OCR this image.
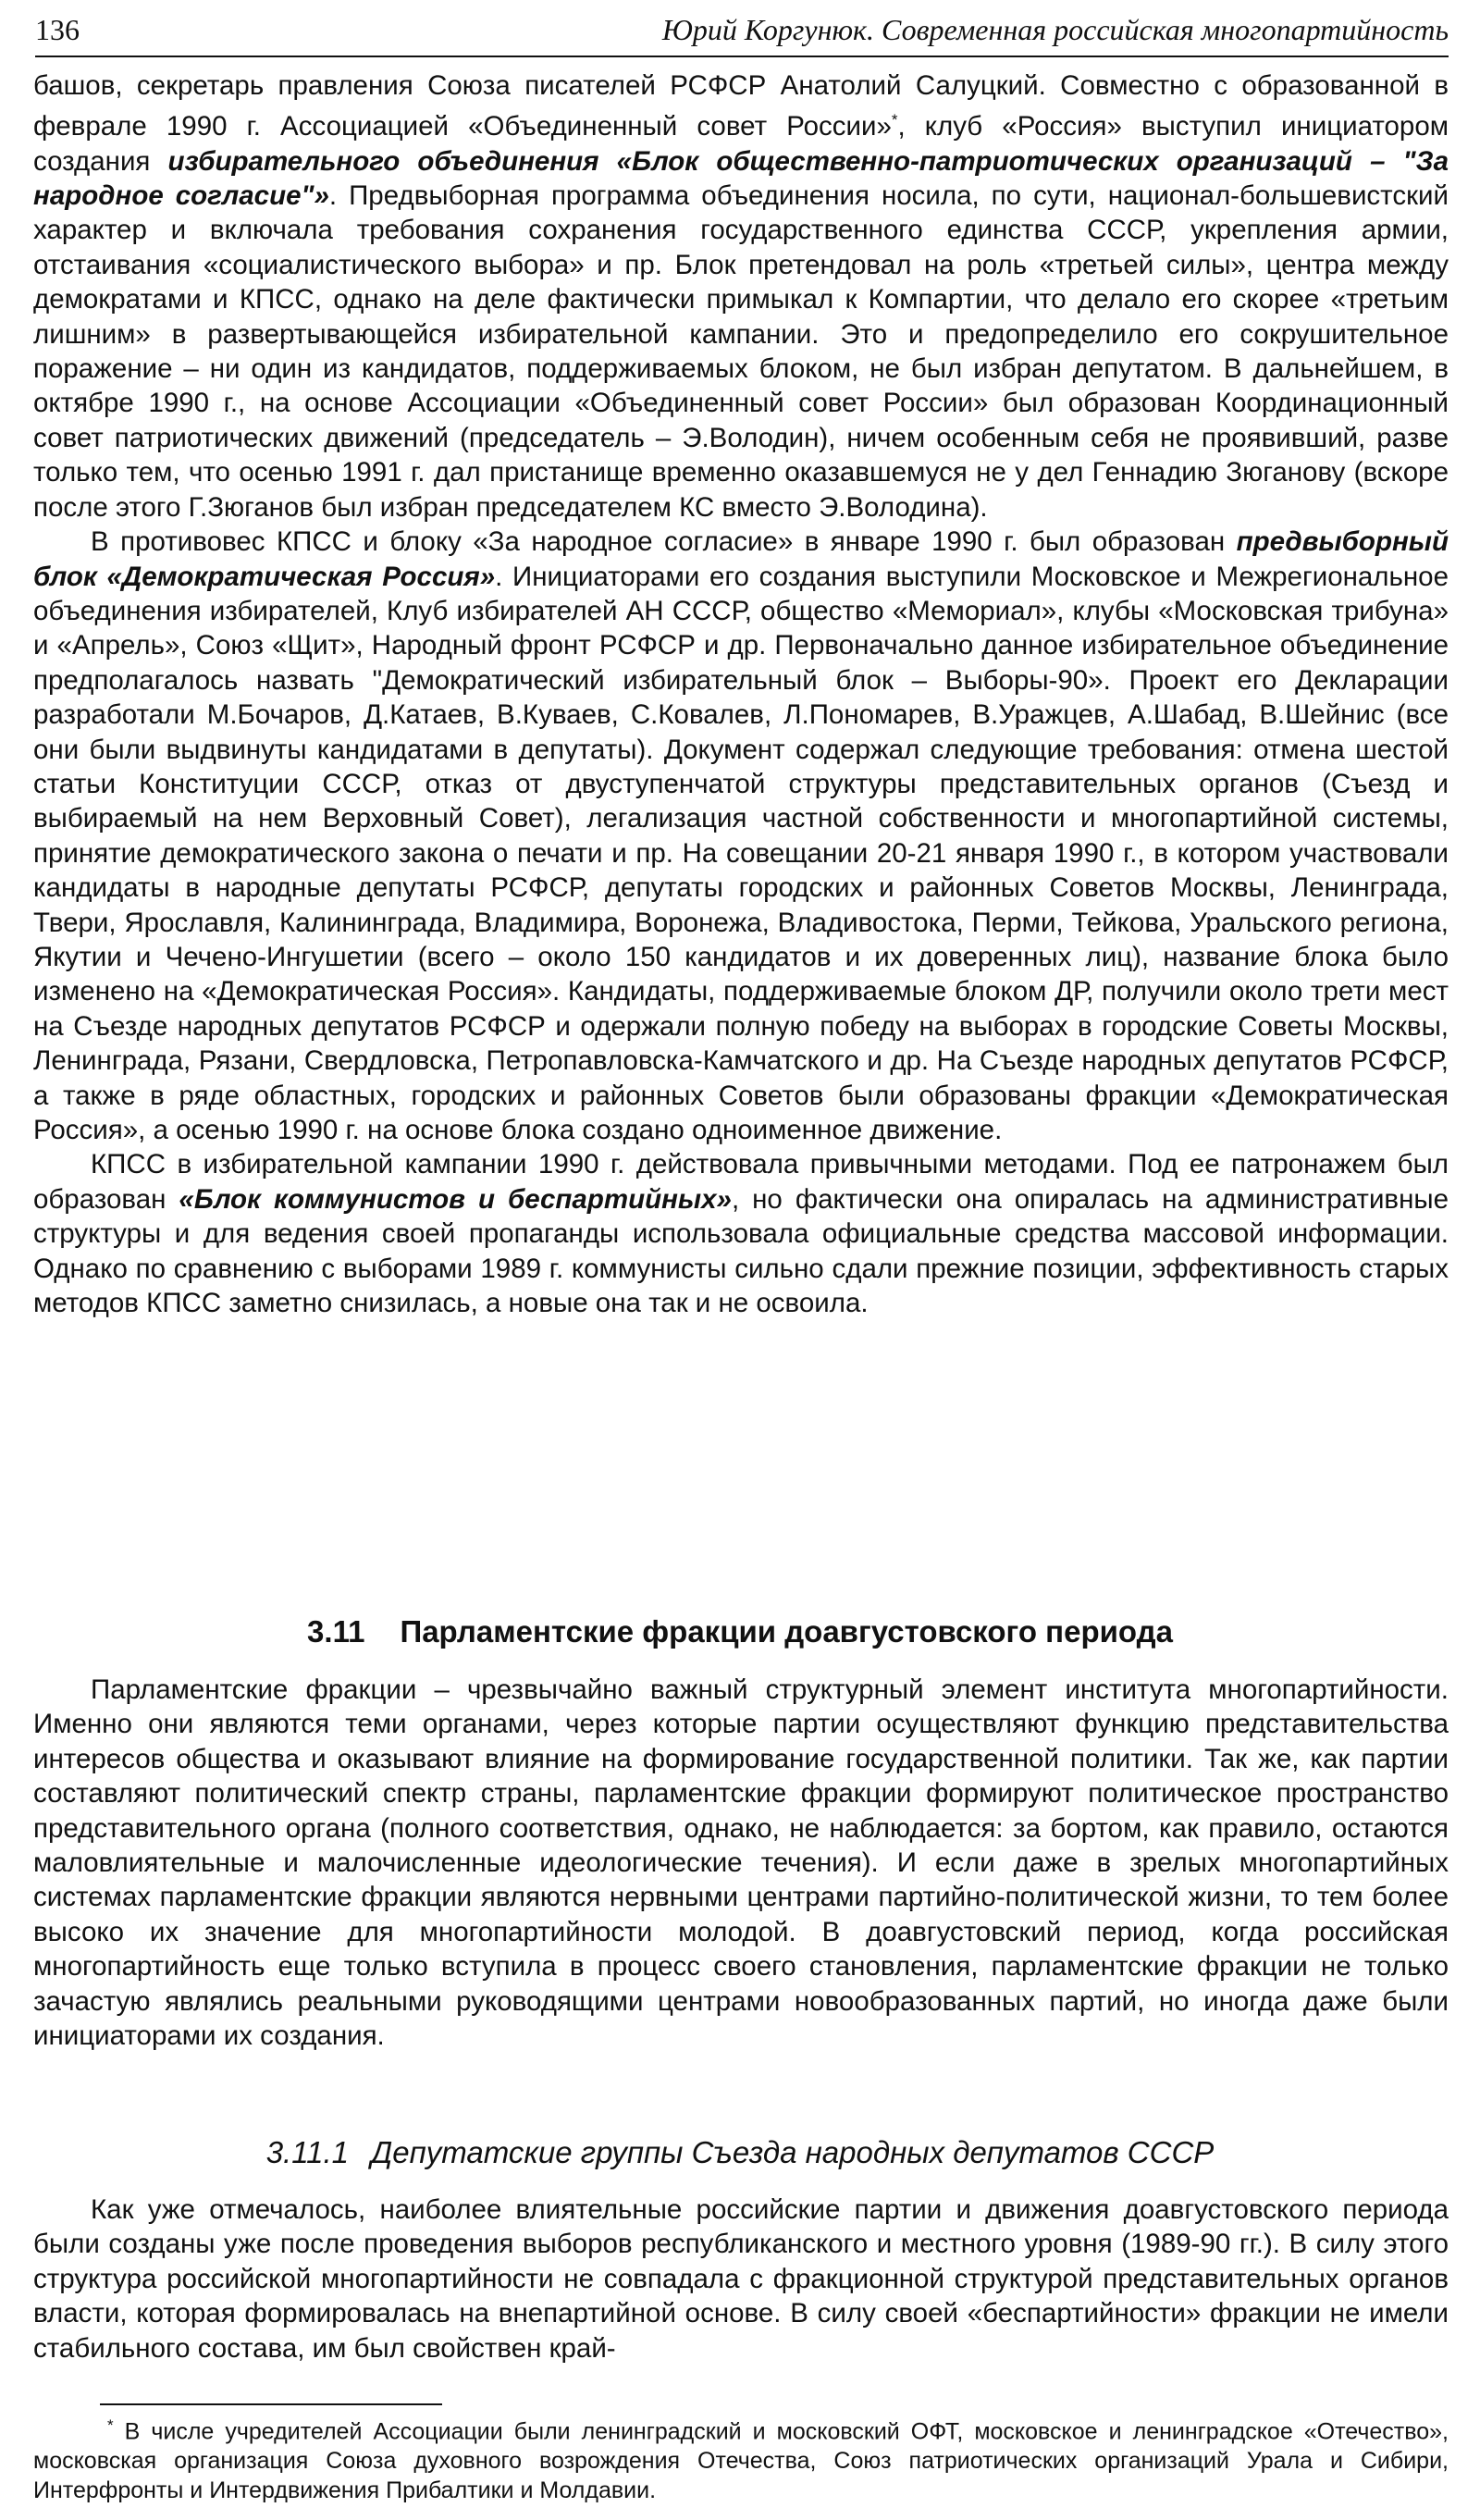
136	Юрий Коргунюк. Современная российская многопартийность

башов, секретарь правления Союза писателей РСФСР Анатолий Салуцкий. Совместно с образованной в феврале 1990 г. Ассоциацией «Объединенный совет России»*, клуб «Россия» выступил инициатором создания избирательного объединения «Блок общественно-патриотических организаций – "За народное согласие"». Предвыборная программа объединения носила, по сути, национал-большевистский характер и включала требования сохранения государственного единства СССР, укрепления армии, отстаивания «социалистического выбора» и пр. Блок претендовал на роль «третьей силы», центра между демократами и КПСС, однако на деле фактически примыкал к Компартии, что делало его скорее «третьим лишним» в развертывающейся избирательной кампании. Это и предопределило его сокрушительное поражение – ни один из кандидатов, поддерживаемых блоком, не был избран депутатом. В дальнейшем, в октябре 1990 г., на основе Ассоциации «Объединенный совет России» был образован Координационный совет патриотических движений (председатель – Э.Володин), ничем особенным себя не проявивший, разве только тем, что осенью 1991 г. дал пристанище временно оказавшемуся не у дел Геннадию Зюганову (вскоре после этого Г.Зюганов был избран председателем КС вместо Э.Володина).

В противовес КПСС и блоку «За народное согласие» в январе 1990 г. был образован предвыборный блок «Демократическая Россия». Инициаторами его создания выступили Московское и Межрегиональное объединения избирателей, Клуб избирателей АН СССР, общество «Мемориал», клубы «Московская трибуна» и «Апрель», Союз «Щит», Народный фронт РСФСР и др. Первоначально данное избирательное объединение предполагалось назвать "Демократический избирательный блок – Выборы-90». Проект его Декларации разработали М.Бочаров, Д.Катаев, В.Куваев, С.Ковалев, Л.Пономарев, В.Уражцев, А.Шабад, В.Шейнис (все они были выдвинуты кандидатами в депутаты). Документ содержал следующие требования: отмена шестой статьи Конституции СССР, отказ от двуступенчатой структуры представительных органов (Съезд и выбираемый на нем Верховный Совет), легализация частной собственности и многопартийной системы, принятие демократического закона о печати и пр. На совещании 20-21 января 1990 г., в котором участвовали кандидаты в народные депутаты РСФСР, депутаты городских и районных Советов Москвы, Ленинграда, Твери, Ярославля, Калининграда, Владимира, Воронежа, Владивостока, Перми, Тейкова, Уральского региона, Якутии и Чечено-Ингушетии (всего – около 150 кандидатов и их доверенных лиц), название блока было изменено на «Демократическая Россия». Кандидаты, поддерживаемые блоком ДР, получили около трети мест на Съезде народных депутатов РСФСР и одержали полную победу на выборах в городские Советы Москвы, Ленинграда, Рязани, Свердловска, Петропавловска-Камчатского и др. На Съезде народных депутатов РСФСР, а также в ряде областных, городских и районных Советов были образованы фракции «Демократическая Россия», а осенью 1990 г. на основе блока создано одноименное движение.

КПСС в избирательной кампании 1990 г. действовала привычными методами. Под ее патронажем был образован «Блок коммунистов и беспартийных», но фактически она опиралась на административные структуры и для ведения своей пропаганды использовала официальные средства массовой информации. Однако по сравнению с выборами 1989 г. коммунисты сильно сдали прежние позиции, эффективность старых методов КПСС заметно снизилась, а новые она так и не освоила.

3.11 Парламентские фракции доавгустовского периода

Парламентские фракции – чрезвычайно важный структурный элемент института многопартийности. Именно они являются теми органами, через которые партии осуществляют функцию представительства интересов общества и оказывают влияние на формирование государственной политики. Так же, как партии составляют политический спектр страны, парламентские фракции формируют политическое пространство представительного органа (полного соответствия, однако, не наблюдается: за бортом, как правило, остаются маловлиятельные и малочисленные идеологические течения). И если даже в зрелых многопартийных системах парламентские фракции являются нервными центрами партийно-политической жизни, то тем более высоко их значение для многопартийности молодой. В доавгустовский период, когда российская многопартийность еще только вступила в процесс своего становления, парламентские фракции не только зачастую являлись реальными руководящими центрами новообразованных партий, но иногда даже были инициаторами их создания.

3.11.1 Депутатские группы Съезда народных депутатов СССР

Как уже отмечалось, наиболее влиятельные российские партии и движения доавгустовского периода были созданы уже после проведения выборов республиканского и местного уровня (1989-90 гг.). В силу этого структура российской многопартийности не совпадала с фракционной структурой представительных органов власти, которая формировалась на внепартийной основе. В силу своей «беспартийности» фракции не имели стабильного состава, им был свойствен край-

* В числе учредителей Ассоциации были ленинградский и московский ОФТ, московское и ленинградское «Отечество», московская организация Союза духовного возрождения Отечества, Союз патриотических организаций Урала и Сибири, Интерфронты и Интердвижения Прибалтики и Молдавии.
